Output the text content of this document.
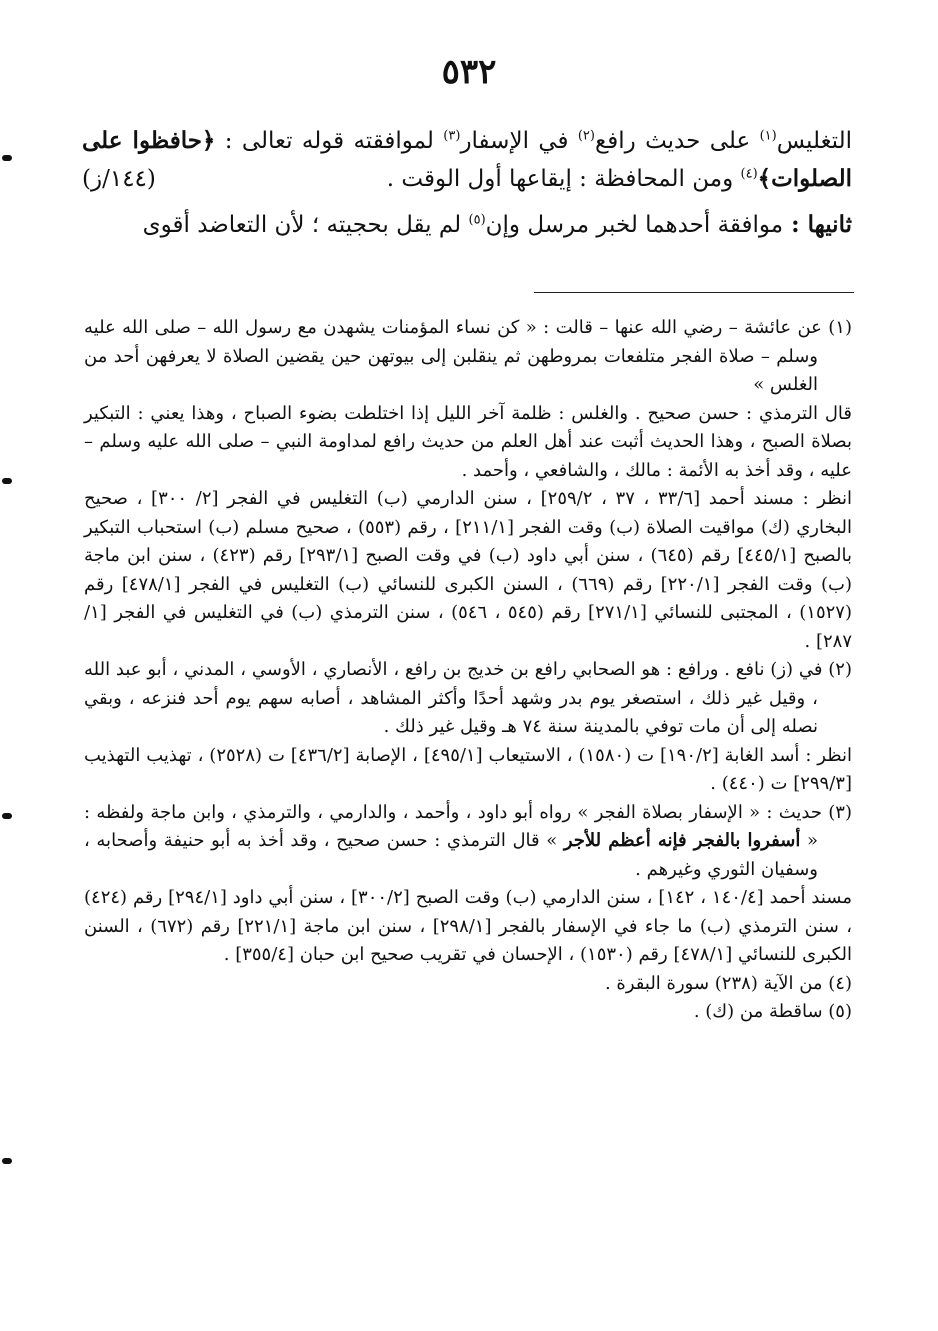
٥٣٢

التغليس$^{(١)}$ على حديث رافع$^{(٢)}$ في الإسفار$^{(٣)}$ لموافقته قوله تعالى : ﴿حافظوا على الصلوات﴾$^{(٤)}$ ومن المحافظة : إيقاعها أول الوقت .
(١٤٤/ز)

ثانيها : موافقة أحدهما لخبر مرسل وإن$^{(٥)}$ لم يقل بحجيته ؛ لأن التعاضد أقوى

(١) عن عائشة – رضي الله عنها – قالت : « كن نساء المؤمنات يشهدن مع رسول الله – صلى الله عليه وسلم – صلاة الفجر متلفعات بمروطهن ثم ينقلبن إلى بيوتهن حين يقضين الصلاة لا يعرفهن أحد من الغلس »

قال الترمذي : حسن صحيح . والغلس : ظلمة آخر الليل إذا اختلطت بضوء الصباح ، وهذا يعني : التبكير بصلاة الصبح ، وهذا الحديث أثبت عند أهل العلم من حديث رافع لمداومة النبي – صلى الله عليه وسلم – عليه ، وقد أخذ به الأئمة : مالك ، والشافعي ، وأحمد .

انظر : مسند أحمد [٣٣/٦ ، ٣٧ ، ٢٥٩/٢] ، سنن الدارمي (ب) التغليس في الفجر [٢/ ٣٠٠] ، صحيح البخاري (ك) مواقيت الصلاة (ب) وقت الفجر [٢١١/١] ، رقم (٥٥٣) ، صحيح مسلم (ب) استحباب التبكير بالصبح [٤٤٥/١] رقم (٦٤٥) ، سنن أبي داود (ب) في وقت الصبح [٢٩٣/١] رقم (٤٢٣) ، سنن ابن ماجة (ب) وقت الفجر [٢٢٠/١] رقم (٦٦٩) ، السنن الكبرى للنسائي (ب) التغليس في الفجر [٤٧٨/١] رقم (١٥٢٧) ، المجتبى للنسائي [٢٧١/١] رقم (٥٤٥ ، ٥٤٦) ، سنن الترمذي (ب) في التغليس في الفجر [١/ ٢٨٧] .

(٢) في (ز) نافع . ورافع : هو الصحابي رافع بن خديج بن رافع ، الأنصاري ، الأوسي ، المدني ، أبو عبد الله ، وقيل غير ذلك ، استصغر يوم بدر وشهد أحدًا وأكثر المشاهد ، أصابه سهم يوم أحد فنزعه ، وبقي نصله إلى أن مات توفي بالمدينة سنة ٧٤ هـ وقيل غير ذلك .

انظر : أسد الغابة [١٩٠/٢] ت (١٥٨٠) ، الاستيعاب [٤٩٥/١] ، الإصابة [٤٣٦/٢] ت (٢٥٢٨) ، تهذيب التهذيب [٢٩٩/٣] ت (٤٤٠) .

(٣) حديث : « الإسفار بصلاة الفجر » رواه أبو داود ، وأحمد ، والدارمي ، والترمذي ، وابن ماجة ولفظه : « أسفروا بالفجر فإنه أعظم للأجر » قال الترمذي : حسن صحيح ، وقد أخذ به أبو حنيفة وأصحابه ، وسفيان الثوري وغيرهم .

مسند أحمد [١٤٠/٤ ، ١٤٢] ، سنن الدارمي (ب) وقت الصبح [٣٠٠/٢] ، سنن أبي داود [٢٩٤/١] رقم (٤٢٤) ، سنن الترمذي (ب) ما جاء في الإسفار بالفجر [٢٩٨/١] ، سنن ابن ماجة [٢٢١/١] رقم (٦٧٢) ، السنن الكبرى للنسائي [٤٧٨/١] رقم (١٥٣٠) ، الإحسان في تقريب صحيح ابن حبان [٣٥٥/٤] .

(٤) من الآية (٢٣٨) سورة البقرة .

(٥) ساقطة من (ك) .
